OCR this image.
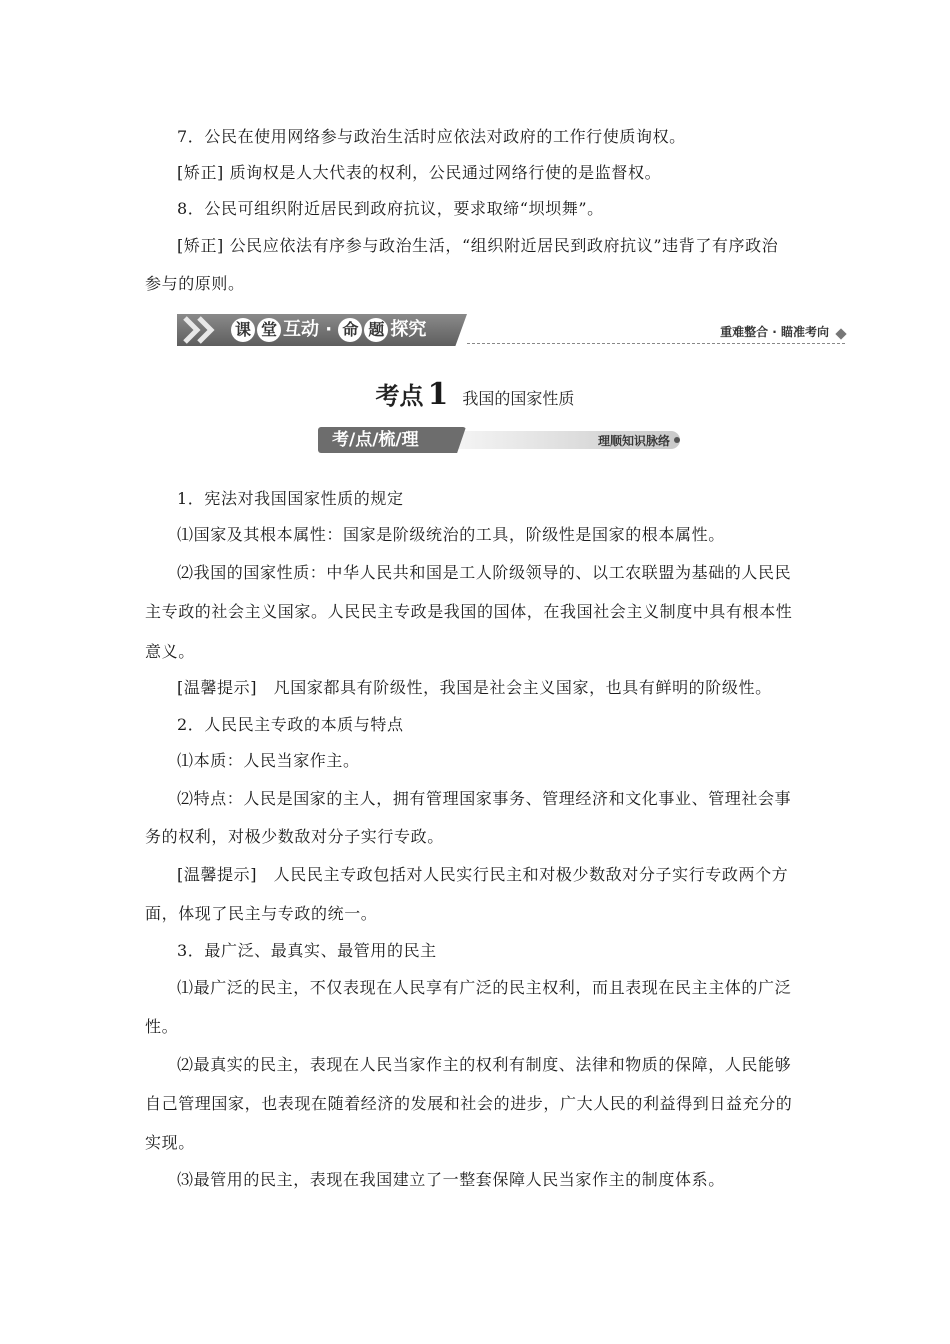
7．公民在使用网络参与政治生活时应依法对政府的工作行使质询权。
[矫正] 质询权是人大代表的权利，公民通过网络行使的是监督权。
8．公民可组织附近居民到政府抗议，要求取缔“坝坝舞”。
[矫正] 公民应依法有序参与政治生活，“组织附近居民到政府抗议”违背了有序政治
参与的原则。
课 堂 互动 · 命 题 探究	重难整合 · 瞄准考向
考点 1 我国的国家性质
考/点/梳/理	理顺知识脉络
1．宪法对我国国家性质的规定
⑴国家及其根本属性：国家是阶级统治的工具，阶级性是国家的根本属性。
⑵我国的国家性质：中华人民共和国是工人阶级领导的、以工农联盟为基础的人民民
主专政的社会主义国家。人民民主专政是我国的国体，在我国社会主义制度中具有根本性
意义。
[温馨提示]　凡国家都具有阶级性，我国是社会主义国家，也具有鲜明的阶级性。
2．人民民主专政的本质与特点
⑴本质：人民当家作主。
⑵特点：人民是国家的主人，拥有管理国家事务、管理经济和文化事业、管理社会事
务的权利，对极少数敌对分子实行专政。
[温馨提示]　人民民主专政包括对人民实行民主和对极少数敌对分子实行专政两个方
面，体现了民主与专政的统一。
3．最广泛、最真实、最管用的民主
⑴最广泛的民主，不仅表现在人民享有广泛的民主权利，而且表现在民主主体的广泛
性。
⑵最真实的民主，表现在人民当家作主的权利有制度、法律和物质的保障，人民能够
自己管理国家，也表现在随着经济的发展和社会的进步，广大人民的利益得到日益充分的
实现。
⑶最管用的民主，表现在我国建立了一整套保障人民当家作主的制度体系。
